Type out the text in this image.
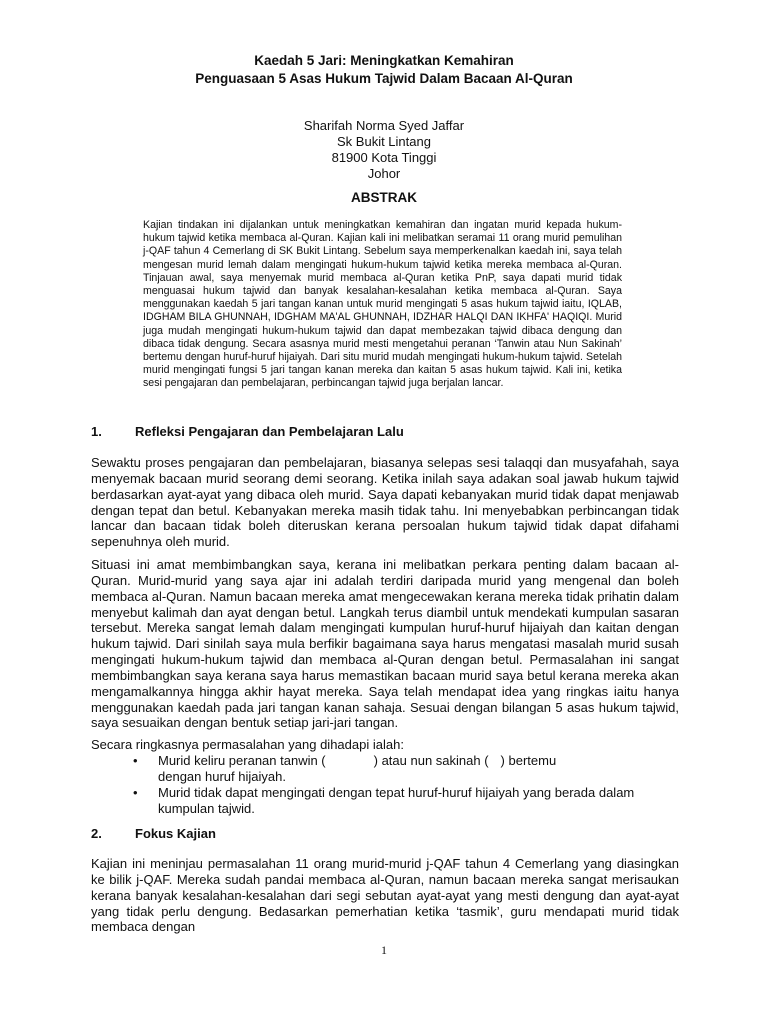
Kaedah 5 Jari: Meningkatkan Kemahiran
Penguasaan 5 Asas Hukum Tajwid Dalam Bacaan Al-Quran
Sharifah Norma Syed Jaffar
Sk Bukit Lintang
81900 Kota Tinggi
Johor
ABSTRAK
Kajian tindakan ini dijalankan untuk meningkatkan kemahiran dan ingatan murid kepada hukum-hukum tajwid ketika membaca al-Quran. Kajian kali ini melibatkan seramai 11 orang murid pemulihan j-QAF tahun 4 Cemerlang di SK Bukit Lintang. Sebelum saya memperkenalkan kaedah ini, saya telah mengesan murid lemah dalam mengingati hukum-hukum tajwid ketika mereka membaca al-Quran. Tinjauan awal, saya menyemak murid membaca al-Quran ketika PnP, saya dapati murid tidak menguasai hukum tajwid dan banyak kesalahan-kesalahan ketika membaca al-Quran. Saya menggunakan kaedah 5 jari tangan kanan untuk murid mengingati 5 asas hukum tajwid iaitu, IQLAB, IDGHAM BILA GHUNNAH, IDGHAM MA'AL GHUNNAH, IDZHAR HALQI DAN IKHFA' HAQIQI. Murid juga mudah mengingati hukum-hukum tajwid dan dapat membezakan tajwid dibaca dengung dan dibaca tidak dengung. Secara asasnya murid mesti mengetahui peranan ‘Tanwin atau Nun Sakinah’ bertemu dengan huruf-huruf hijaiyah. Dari situ murid mudah mengingati hukum-hukum tajwid. Setelah murid mengingati fungsi 5 jari tangan kanan mereka dan kaitan 5 asas hukum tajwid. Kali ini, ketika sesi pengajaran dan pembelajaran, perbincangan tajwid juga berjalan lancar.
1.	Refleksi Pengajaran dan Pembelajaran Lalu
Sewaktu proses pengajaran dan pembelajaran, biasanya selepas sesi talaqqi dan musyafahah, saya menyemak bacaan murid seorang demi seorang. Ketika inilah saya adakan soal jawab hukum tajwid berdasarkan ayat-ayat yang dibaca oleh murid. Saya dapati kebanyakan murid tidak dapat menjawab dengan tepat dan betul. Kebanyakan mereka masih tidak tahu. Ini menyebabkan perbincangan tidak lancar dan bacaan tidak boleh diteruskan kerana persoalan hukum tajwid tidak dapat difahami sepenuhnya oleh murid.
Situasi ini amat membimbangkan saya, kerana ini melibatkan perkara penting dalam bacaan al-Quran. Murid-murid yang saya ajar ini adalah terdiri daripada murid yang mengenal dan boleh membaca al-Quran. Namun bacaan mereka amat mengecewakan kerana mereka tidak prihatin dalam menyebut kalimah dan ayat dengan betul. Langkah terus diambil untuk mendekati kumpulan sasaran tersebut. Mereka sangat lemah dalam mengingati kumpulan huruf-huruf hijaiyah dan kaitan dengan hukum tajwid. Dari sinilah saya mula berfikir bagaimana saya harus mengatasi masalah murid susah mengingati hukum-hukum tajwid dan membaca al-Quran dengan betul. Permasalahan ini sangat membimbangkan saya kerana saya harus memastikan bacaan murid saya betul kerana mereka akan mengamalkannya hingga akhir hayat mereka. Saya telah mendapat idea yang ringkas iaitu hanya menggunakan kaedah pada jari tangan kanan sahaja. Sesuai dengan bilangan 5 asas hukum tajwid, saya sesuaikan dengan bentuk setiap jari-jari tangan.
Secara ringkasnya permasalahan yang dihadapi ialah:
• Murid keliru peranan tanwin (	) atau nun sakinah ( ) bertemu
dengan huruf hijaiyah.
• Murid tidak dapat mengingati dengan tepat huruf-huruf hijaiyah yang berada dalam kumpulan tajwid.
2.	Fokus Kajian
Kajian ini meninjau permasalahan 11 orang murid-murid j-QAF tahun 4 Cemerlang yang diasingkan ke bilik j-QAF. Mereka sudah pandai membaca al-Quran, namun bacaan mereka sangat merisaukan kerana banyak kesalahan-kesalahan dari segi sebutan ayat-ayat yang mesti dengung dan ayat-ayat yang tidak perlu dengung. Bedasarkan pemerhatian ketika ‘tasmik’, guru mendapati murid tidak membaca dengan
1
